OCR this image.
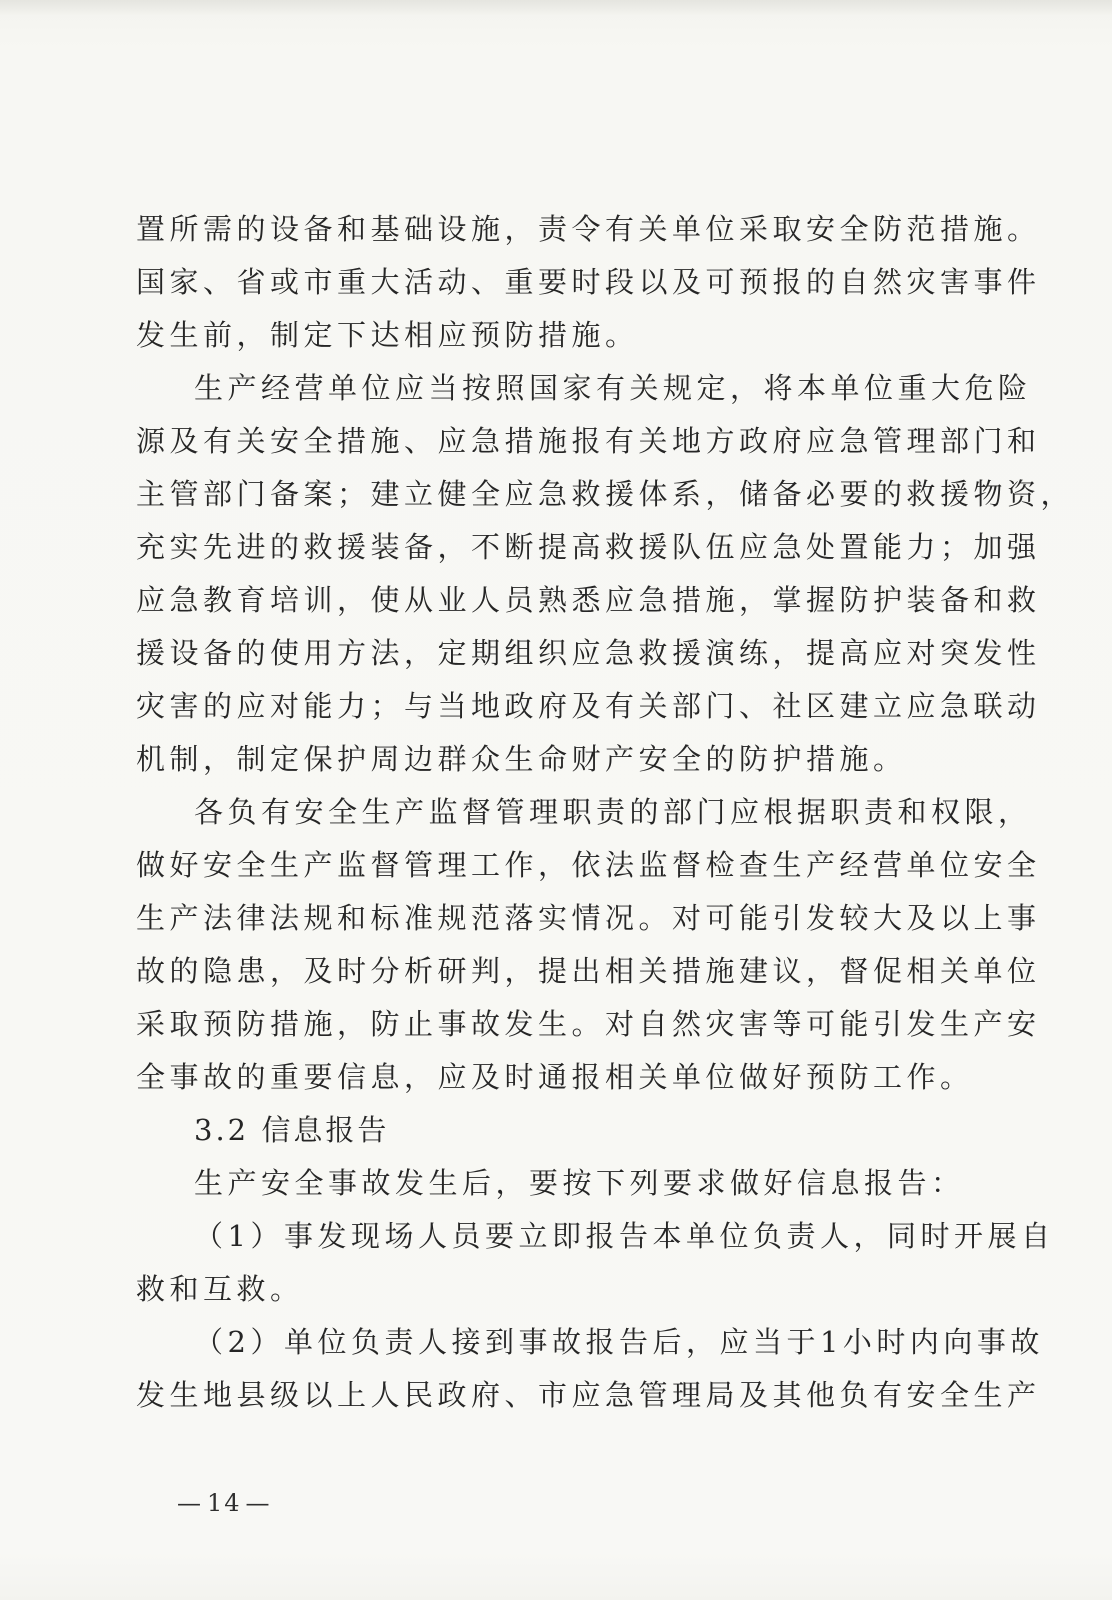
置所需的设备和基础设施，责令有关单位采取安全防范措施。
国家、省或市重大活动、重要时段以及可预报的自然灾害事件
发生前，制定下达相应预防措施。
生产经营单位应当按照国家有关规定，将本单位重大危险
源及有关安全措施、应急措施报有关地方政府应急管理部门和
主管部门备案；建立健全应急救援体系，储备必要的救援物资，
充实先进的救援装备，不断提高救援队伍应急处置能力；加强
应急教育培训，使从业人员熟悉应急措施，掌握防护装备和救
援设备的使用方法，定期组织应急救援演练，提高应对突发性
灾害的应对能力；与当地政府及有关部门、社区建立应急联动
机制，制定保护周边群众生命财产安全的防护措施。
各负有安全生产监督管理职责的部门应根据职责和权限，
做好安全生产监督管理工作，依法监督检查生产经营单位安全
生产法律法规和标准规范落实情况。对可能引发较大及以上事
故的隐患，及时分析研判，提出相关措施建议，督促相关单位
采取预防措施，防止事故发生。对自然灾害等可能引发生产安
全事故的重要信息，应及时通报相关单位做好预防工作。
3.2 信息报告
生产安全事故发生后，要按下列要求做好信息报告：
（1）事发现场人员要立即报告本单位负责人，同时开展自
救和互救。
（2）单位负责人接到事故报告后，应当于1小时内向事故
发生地县级以上人民政府、市应急管理局及其他负有安全生产
— 14 —
